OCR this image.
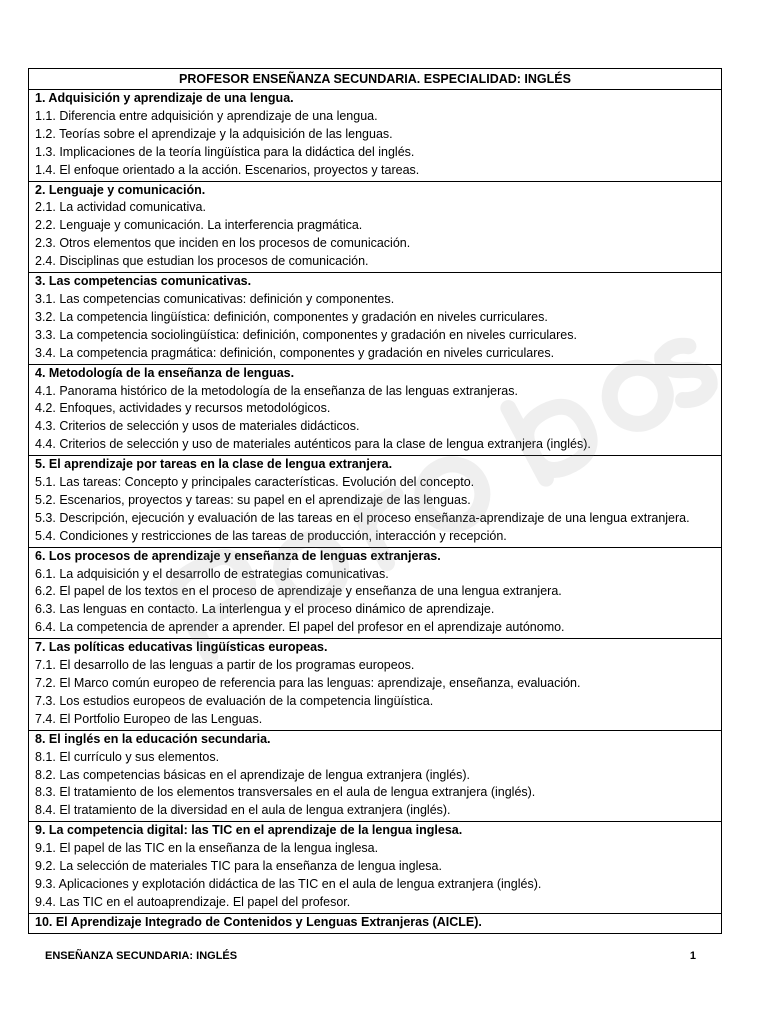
PROFESOR ENSEÑANZA SECUNDARIA. ESPECIALIDAD: INGLÉS
1. Adquisición y aprendizaje de una lengua.
1.1. Diferencia entre adquisición y aprendizaje de una lengua.
1.2. Teorías sobre el aprendizaje y la adquisición de las lenguas.
1.3. Implicaciones de la teoría lingüística para la didáctica del inglés.
1.4. El enfoque orientado a la acción. Escenarios, proyectos y tareas.
2. Lenguaje y comunicación.
2.1. La actividad comunicativa.
2.2. Lenguaje y comunicación. La interferencia pragmática.
2.3. Otros elementos que inciden en los procesos de comunicación.
2.4. Disciplinas que estudian los procesos de comunicación.
3. Las competencias comunicativas.
3.1. Las competencias comunicativas: definición y componentes.
3.2. La competencia lingüística: definición, componentes y gradación en niveles curriculares.
3.3. La competencia sociolingüística: definición, componentes y gradación en niveles curriculares.
3.4. La competencia pragmática: definición, componentes y gradación en niveles curriculares.
4. Metodología de la enseñanza de lenguas.
4.1. Panorama histórico de la metodología de la enseñanza de las lenguas extranjeras.
4.2. Enfoques, actividades y recursos metodológicos.
4.3. Criterios de selección y usos de materiales didácticos.
4.4. Criterios de selección y uso de materiales auténticos para la clase de lengua extranjera (inglés).
5. El aprendizaje por tareas en la clase de lengua extranjera.
5.1. Las tareas: Concepto y principales características. Evolución del concepto.
5.2. Escenarios, proyectos y tareas: su papel en el aprendizaje de las lenguas.
5.3. Descripción, ejecución y evaluación de las tareas en el proceso enseñanza-aprendizaje de una lengua extranjera.
5.4. Condiciones y restricciones de las tareas de producción, interacción y recepción.
6. Los procesos de aprendizaje y enseñanza de lenguas extranjeras.
6.1. La adquisición y el desarrollo de estrategias comunicativas.
6.2. El papel de los textos en el proceso de aprendizaje y enseñanza de una lengua extranjera.
6.3. Las lenguas en contacto. La interlengua y el proceso dinámico de aprendizaje.
6.4. La competencia de aprender a aprender. El papel del profesor en el aprendizaje autónomo.
7. Las políticas educativas lingüísticas europeas.
7.1. El desarrollo de las lenguas a partir de los programas europeos.
7.2. El Marco común europeo de referencia para las lenguas: aprendizaje, enseñanza, evaluación.
7.3. Los estudios europeos de evaluación de la competencia lingüística.
7.4. El Portfolio Europeo de las Lenguas.
8. El inglés en la educación secundaria.
8.1. El currículo y sus elementos.
8.2. Las competencias básicas en el aprendizaje de lengua extranjera (inglés).
8.3. El tratamiento de los elementos transversales en el aula de lengua extranjera (inglés).
8.4. El tratamiento de la diversidad en el aula de lengua extranjera (inglés).
9. La competencia digital: las TIC en el aprendizaje de la lengua inglesa.
9.1. El papel de las TIC en la enseñanza de la lengua inglesa.
9.2. La selección de materiales TIC para la enseñanza de lengua inglesa.
9.3. Aplicaciones y explotación didáctica de las TIC en el aula de lengua extranjera (inglés).
9.4. Las TIC en el autoaprendizaje. El papel del profesor.
10. El Aprendizaje Integrado de Contenidos y Lenguas Extranjeras (AICLE).
ENSEÑANZA SECUNDARIA: INGLÉS	1
